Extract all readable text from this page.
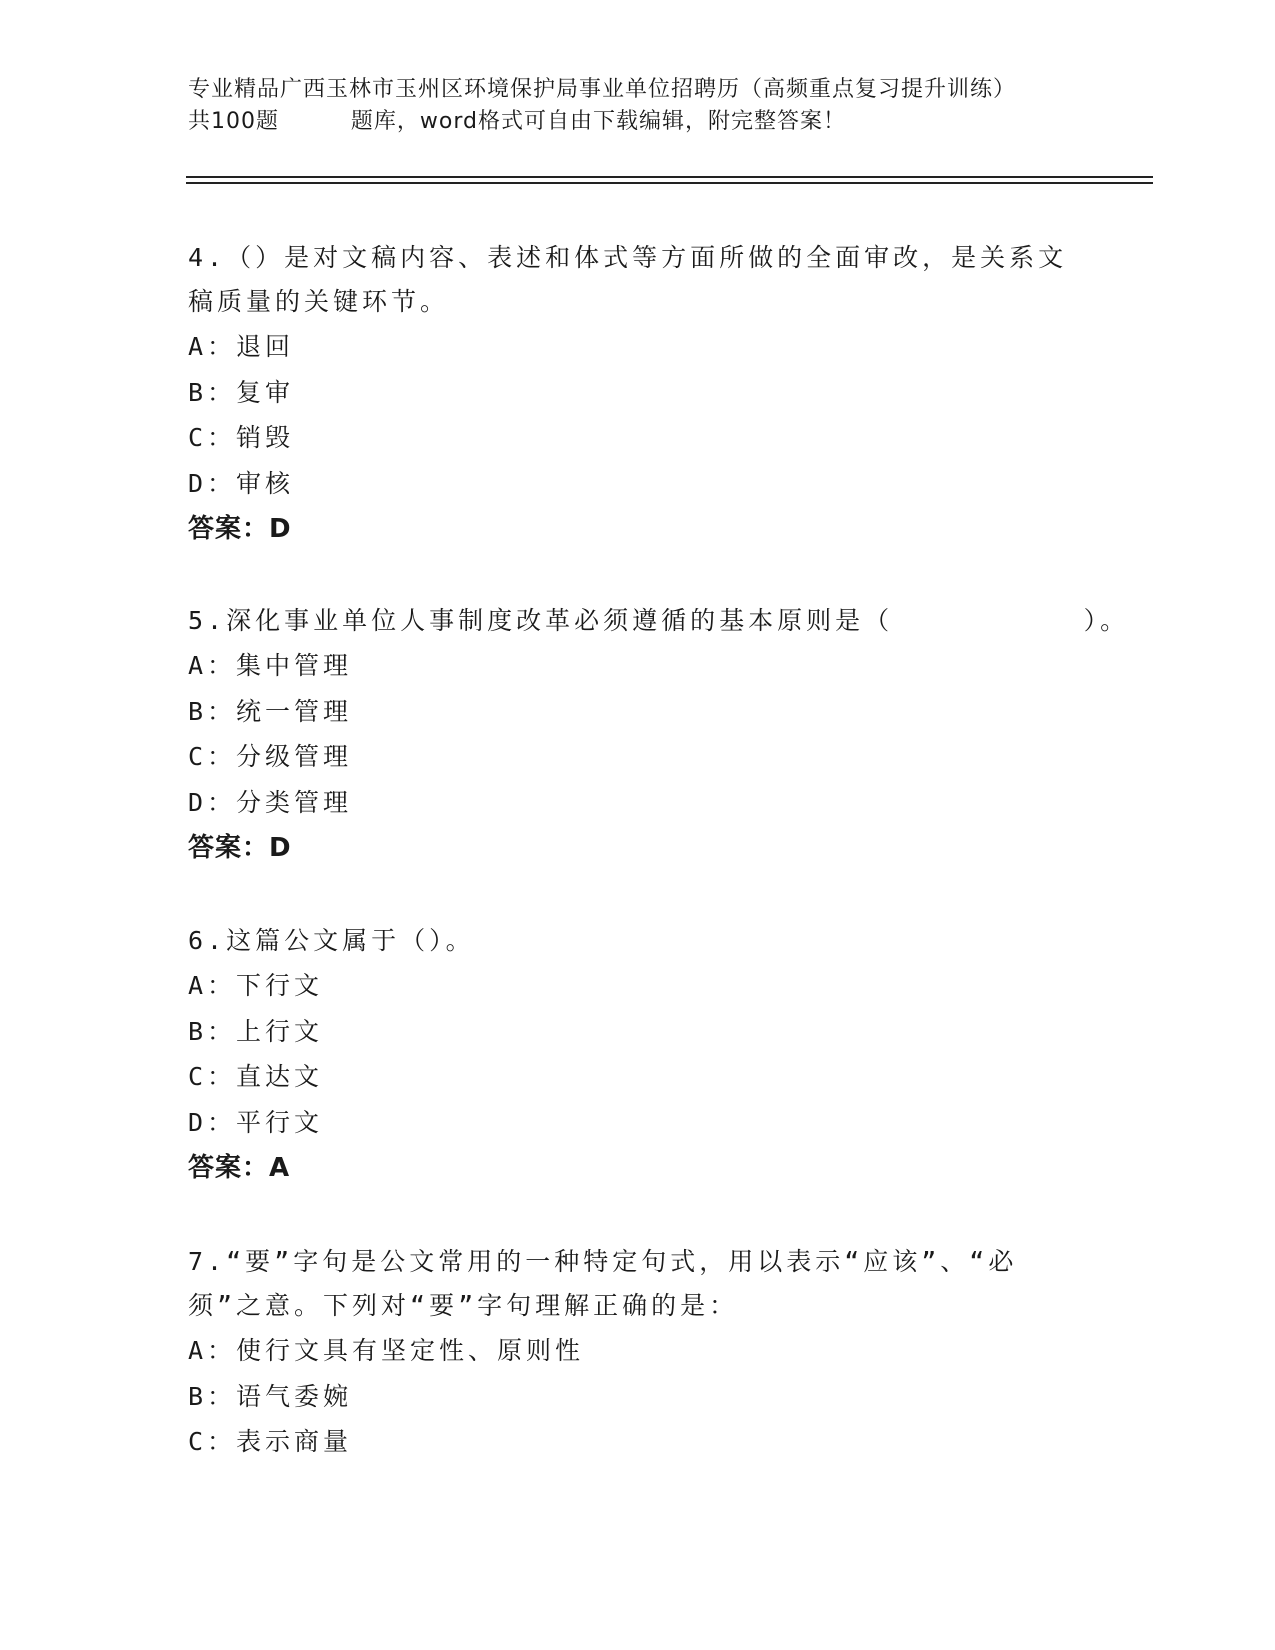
专业精品广西玉林市玉州区环境保护局事业单位招聘历（高频重点复习提升训练）
共100题         题库，word格式可自由下载编辑，附完整答案！

4.（）是对文稿内容、表述和体式等方面所做的全面审改，是关系文
稿质量的关键环节。

A：退回
B：复审
C：销毁
D：审核
答案：D

5.深化事业单位人事制度改革必须遵循的基本原则是（          ）。

A：集中管理
B：统一管理
C：分级管理
D：分类管理
答案：D

6.这篇公文属于（）。

A：下行文
B：上行文
C：直达文
D：平行文
答案：A

7.“要”字句是公文常用的一种特定句式，用以表示“应该”、“必
须”之意。下列对“要”字句理解正确的是：

A：使行文具有坚定性、原则性
B：语气委婉
C：表示商量
